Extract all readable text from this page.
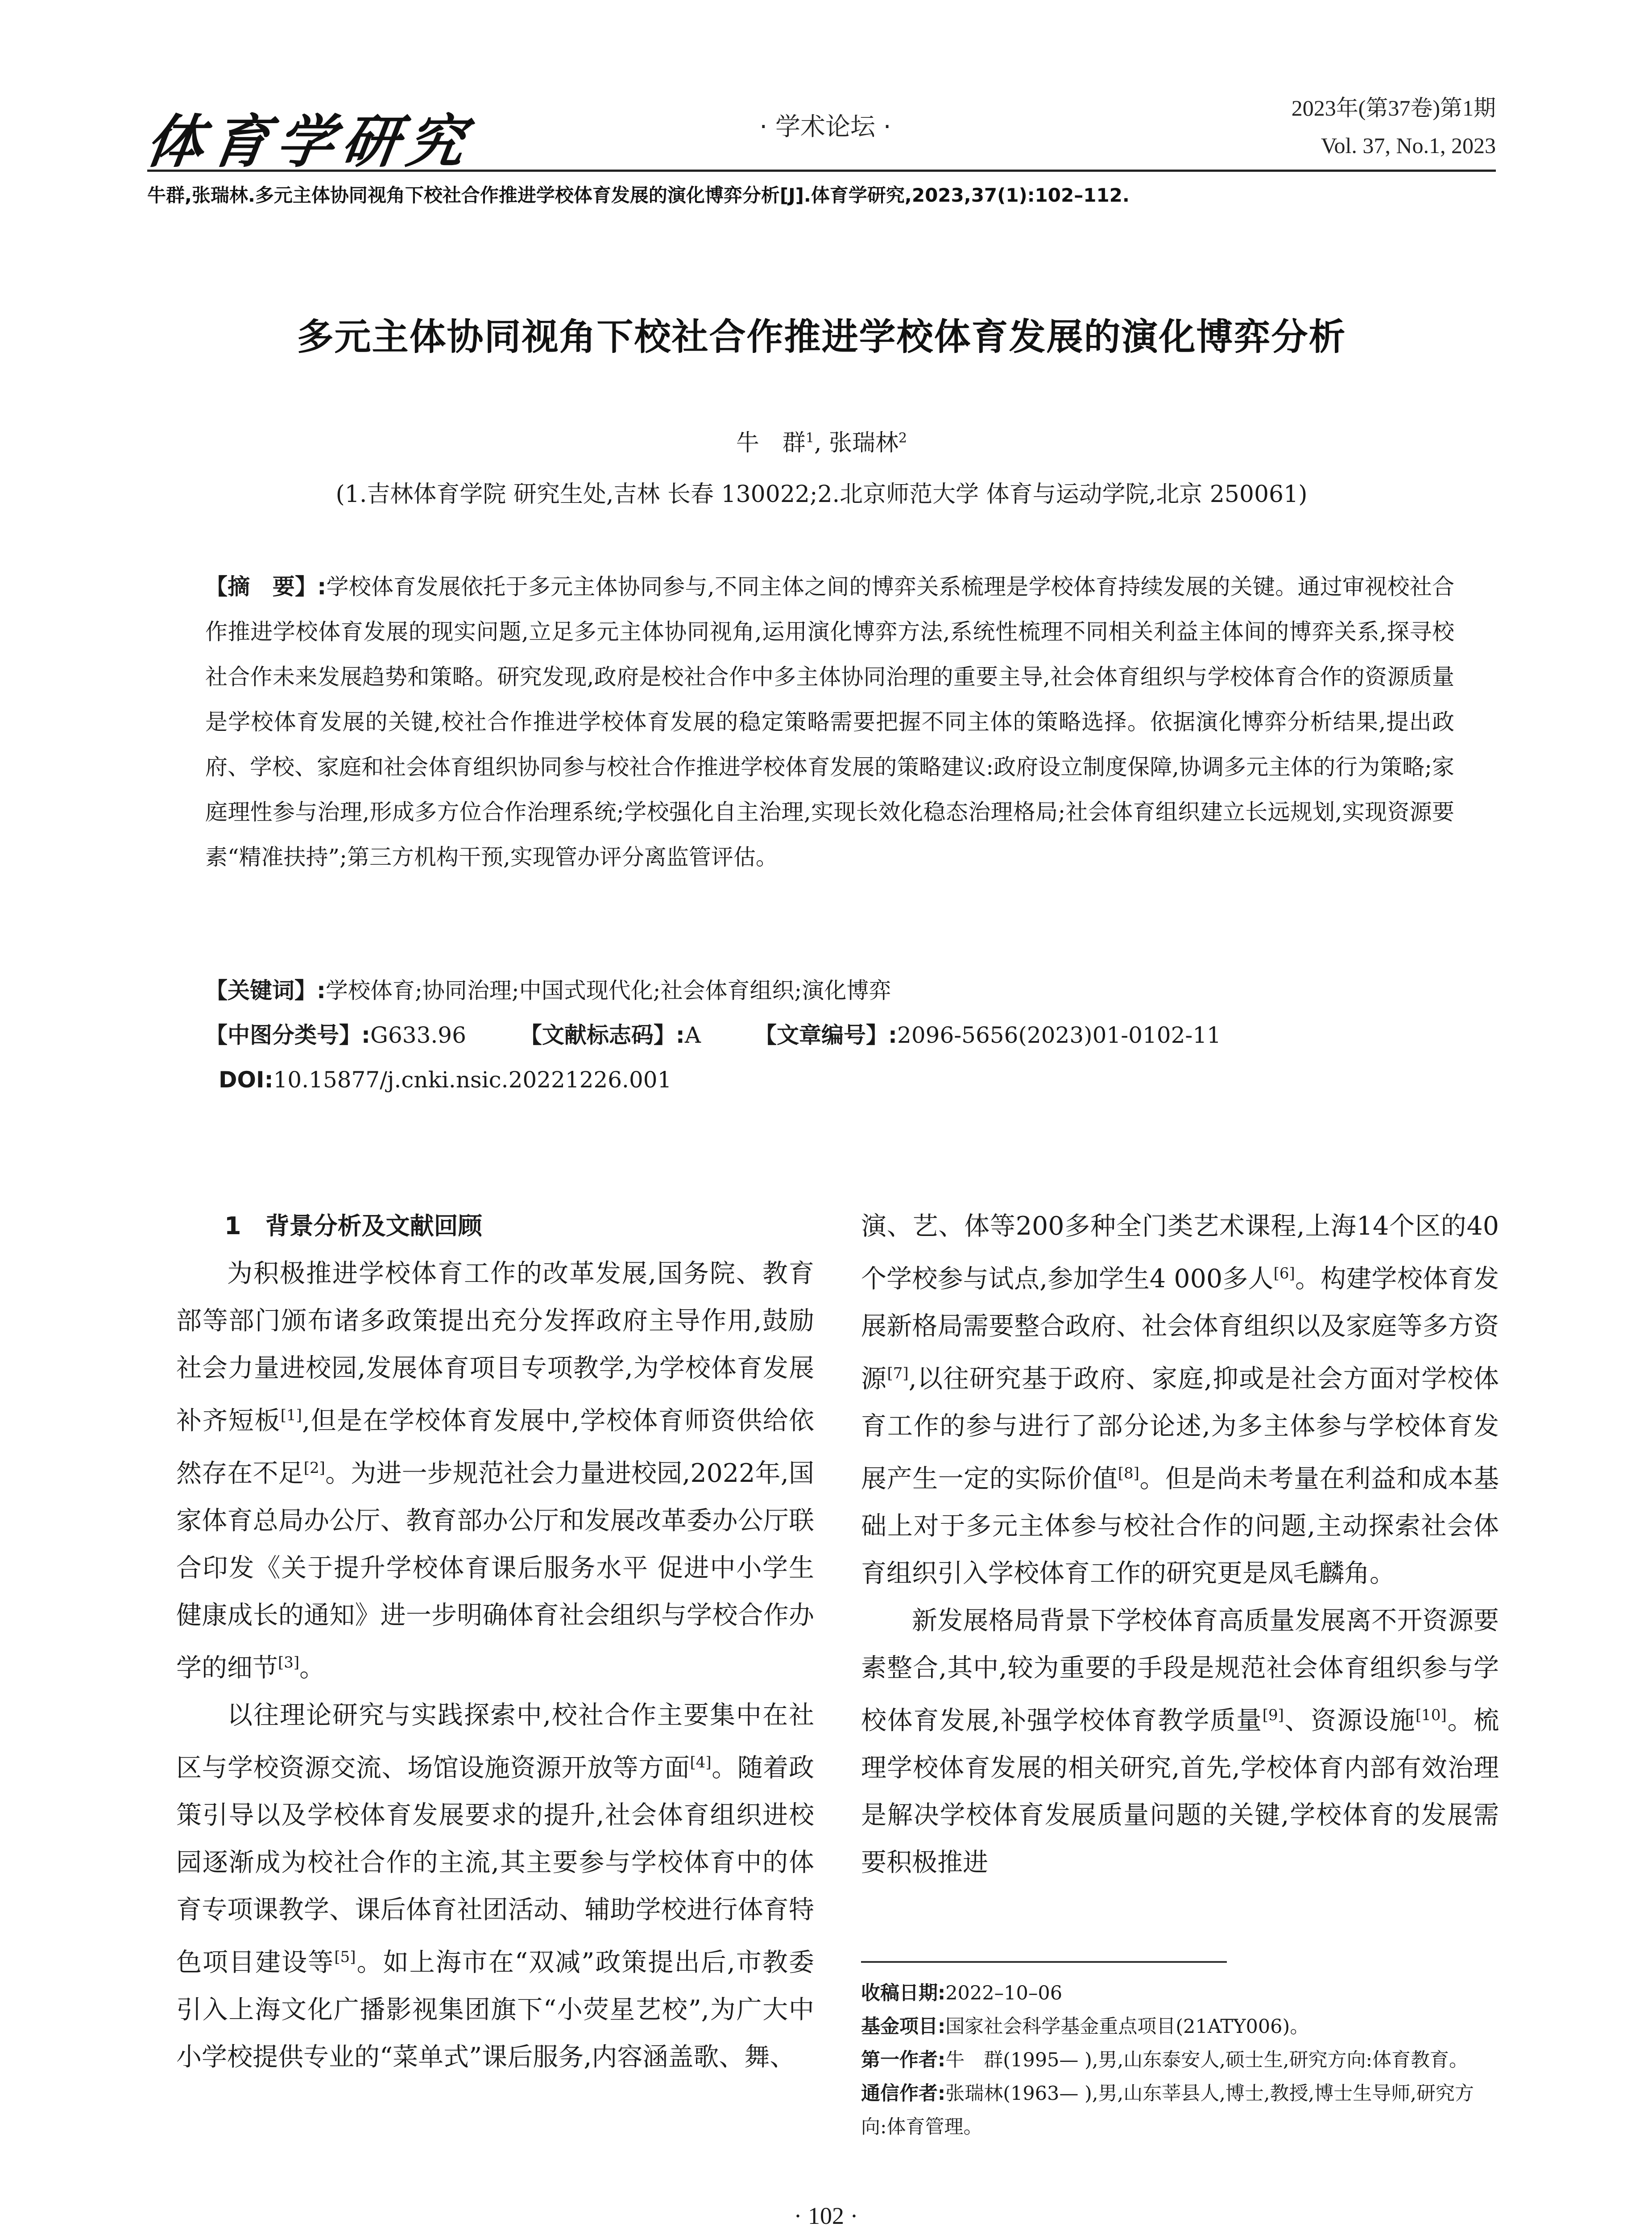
体育学研究	· 学术论坛 ·
2023年(第37卷)第1期
Vol. 37, No.1, 2023
牛群,张瑞林.多元主体协同视角下校社合作推进学校体育发展的演化博弈分析[J].体育学研究,2023,37(1):102–112.
多元主体协同视角下校社合作推进学校体育发展的演化博弈分析
牛　群$^1$, 张瑞林$^2$
(1.吉林体育学院 研究生处,吉林 长春 130022;2.北京师范大学 体育与运动学院,北京 250061)
【摘　要】:学校体育发展依托于多元主体协同参与,不同主体之间的博弈关系梳理是学校体育持续发展的关键。通过审视校社合作推进学校体育发展的现实问题,立足多元主体协同视角,运用演化博弈方法,系统性梳理不同相关利益主体间的博弈关系,探寻校社合作未来发展趋势和策略。研究发现,政府是校社合作中多主体协同治理的重要主导,社会体育组织与学校体育合作的资源质量是学校体育发展的关键,校社合作推进学校体育发展的稳定策略需要把握不同主体的策略选择。依据演化博弈分析结果,提出政府、学校、家庭和社会体育组织协同参与校社合作推进学校体育发展的策略建议:政府设立制度保障,协调多元主体的行为策略;家庭理性参与治理,形成多方位合作治理系统;学校强化自主治理,实现长效化稳态治理格局;社会体育组织建立长远规划,实现资源要素“精准扶持”;第三方机构干预,实现管办评分离监管评估。
【关键词】:学校体育;协同治理;中国式现代化;社会体育组织;演化博弈
【中图分类号】:G633.96 【文献标志码】:A 【文章编号】:2096-5656(2023)01-0102-11
DOI:10.15877/j.cnki.nsic.20221226.001

1　背景分析及文献回顾

为积极推进学校体育工作的改革发展,国务院、教育部等部门颁布诸多政策提出充分发挥政府主导作用,鼓励社会力量进校园,发展体育项目专项教学,为学校体育发展补齐短板[1],但是在学校体育发展中,学校体育师资供给依然存在不足[2]。为进一步规范社会力量进校园,2022年,国家体育总局办公厅、教育部办公厅和发展改革委办公厅联合印发《关于提升学校体育课后服务水平 促进中小学生健康成长的通知》进一步明确体育社会组织与学校合作办学的细节[3]。

以往理论研究与实践探索中,校社合作主要集中在社区与学校资源交流、场馆设施资源开放等方面[4]。随着政策引导以及学校体育发展要求的提升,社会体育组织进校园逐渐成为校社合作的主流,其主要参与学校体育中的体育专项课教学、课后体育社团活动、辅助学校进行体育特色项目建设等[5]。如上海市在“双减”政策提出后,市教委引入上海文化广播影视集团旗下“小荧星艺校”,为广大中小学校提供专业的“菜单式”课后服务,内容涵盖歌、舞、

演、艺、体等200多种全门类艺术课程,上海14个区的40个学校参与试点,参加学生4 000多人[6]。构建学校体育发展新格局需要整合政府、社会体育组织以及家庭等多方资源[7],以往研究基于政府、家庭,抑或是社会方面对学校体育工作的参与进行了部分论述,为多主体参与学校体育发展产生一定的实际价值[8]。但是尚未考量在利益和成本基础上对于多元主体参与校社合作的问题,主动探索社会体育组织引入学校体育工作的研究更是凤毛麟角。

新发展格局背景下学校体育高质量发展离不开资源要素整合,其中,较为重要的手段是规范社会体育组织参与学校体育发展,补强学校体育教学质量[9]、资源设施[10]。梳理学校体育发展的相关研究,首先,学校体育内部有效治理是解决学校体育发展质量问题的关键,学校体育的发展需要积极推进

收稿日期:2022–10–06

基金项目:国家社会科学基金重点项目(21ATY006)。

第一作者:牛　群(1995— ),男,山东泰安人,硕士生,研究方向:体育教育。

通信作者:张瑞林(1963— ),男,山东莘县人,博士,教授,博士生导师,研究方向:体育管理。

· 102 ·
